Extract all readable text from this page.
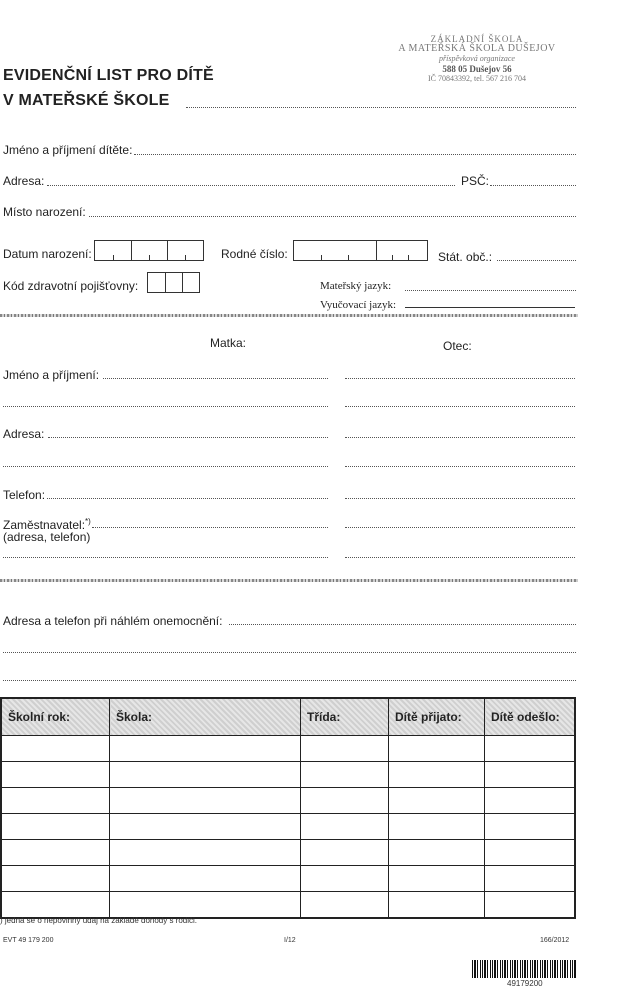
ZÁKLADNÍ ŠKOLA
A MATEŘSKÁ ŠKOLA DUŠEJOV
příspěvková organizace
588 05 Dušejov 56
IČ 70843392, tel. 567 216 704
EVIDENČNÍ LIST PRO DÍTĚ
V MATEŘSKÉ ŠKOLE
Jméno a příjmení dítěte:
Adresa:	PSČ:
Místo narození:
Datum narození:	Rodné číslo:	Stát. obč.:
Kód zdravotní pojišťovny:	Mateřský jazyk:
Vyučovací jazyk:
Matka:	Otec:
Jméno a příjmení:
Adresa:
Telefon:
Zaměstnavatel:*)
(adresa, telefon)
Adresa a telefon při náhlém onemocnění:
Školní rok:	Škola:	Třída:	Dítě přijato:	Dítě odešlo:

) jedná se o nepovinný údaj na základě dohody s rodiči.
EVT 49 179 200	I/12	166/2012
49179200
